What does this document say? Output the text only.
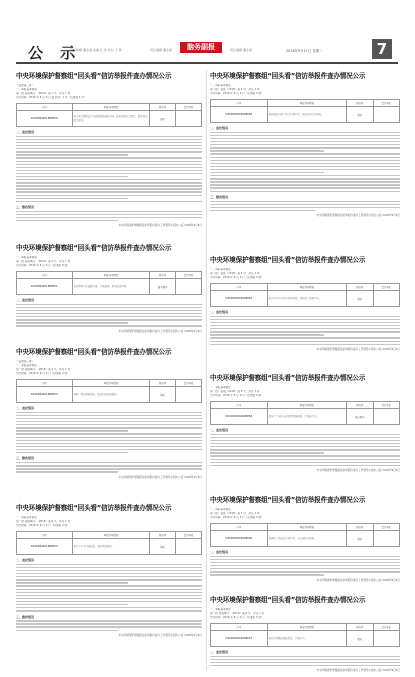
公 示
责任编辑 潘永康 美编 张 钦 校对 王 贤	责任编辑 潘永康	脑务副报	责任编辑 潘永康	2018年9月11日 星期二	7
中央环境保护督察组“回头看”信访举报件查办情况公示
（反馈第三批）
一、举报基本情况
第一批 省级单位：（2018）第 1 号，涉及 1 件
交办时间：2018 年 8 月 9 日 第 0 批：1 件（标准第 1 号）
序号	举报基本情况	督办区	责任单位
D410000201808050	某小区东侧附近企业夜间排放刺鼻气味，影响居民正常休息，要求相关部门查处。	属实	
二、查处情况
三、整改情况
中央环境保护督察组信访举报件查办工作领导小组办公室 2018年9月8日
中央环境保护督察组“回头看”信访举报件查办情况公示
一、举报基本情况
第一批：省级（2018）第 1 号，涉及 1 件
交办时间：2018 年 8 月 9 日（反馈第 0 批）
序号	举报基本情况	督办区	责任单位
D410000201808049	某村附近石料厂粉尘污染严重，周边农田受到影响。	属实	
二、查处情况
三、整改情况
中央环境保护督察组信访举报件查办工作领导小组办公室 2018年9月8日
中央环境保护督察组“回头看”信访举报件查办情况公示
一、举报基本情况
第一批 省级单位：（2018）第 2 号，涉及 1 件
交办时间：2018 年 8 月 9 日（标准第 0 批）
序号	举报基本情况	督办区	责任单位
D410000201808051	某养殖场污水直排河道，气味难闻，影响周边环境。	部分属实	
二、查处情况
中央环境保护督察组信访举报件查办工作领导小组办公室 2018年9月8日
中央环境保护督察组“回头看”信访举报件查办情况公示
一、举报基本情况
第一批：省级（2018）第 3 号，涉及 1 件
交办时间：2018 年 8 月 9 日（反馈第 0 批）
序号	举报基本情况	督办区	责任单位
D410000201808052	某企业生产过程中噪声扰民，夜间施工现象严重。	属实	
二、查处情况
中央环境保护督察组信访举报件查办工作领导小组办公室 2018年9月8日
中央环境保护督察组“回头看”信访举报件查办情况公示
（反馈第三批）
一、举报基本情况
第一批 省级单位：（2018）第 4 号，涉及 1 件
交办时间：2018 年 8 月 9 日（标准第 0 批）
序号	举报基本情况	督办区	责任单位
D410000201808053	某砖厂烟尘排放超标，周边村民反映强烈。	属实	
二、查处情况
三、整改情况
中央环境保护督察组信访举报件查办工作领导小组办公室 2018年9月8日
中央环境保护督察组“回头看”信访举报件查办情况公示
一、举报基本情况
第一批：省级（2018）第 5 号，涉及 1 件
交办时间：2018 年 8 月 9 日（反馈第 0 批）
序号	举报基本情况	督办区	责任单位
D410000201808054	某加工厂废水未经处理直接排放，污染地下水。	部分属实	
二、查处情况
中央环境保护督察组信访举报件查办工作领导小组办公室 2018年9月8日
中央环境保护督察组“回头看”信访举报件查办情况公示
一、举报基本情况
第一批 省级单位：（2018）第 6 号，涉及 1 件
交办时间：2018 年 8 月 9 日（标准第 0 批）
序号	举报基本情况	督办区	责任单位
D410000201808055	某化工企业异味扰民，要求彻底整改。	属实	
二、查处情况
三、整改情况
中央环境保护督察组信访举报件查办工作领导小组办公室 2018年9月8日
中央环境保护督察组“回头看”信访举报件查办情况公示
一、举报基本情况
第一批：省级（2018）第 7 号，涉及 1 件
交办时间：2018 年 8 月 9 日（反馈第 0 批）
序号	举报基本情况	督办区	责任单位
D410000201808056	某建筑工地扬尘污染严重，未采取防尘措施。	属实	
二、查处情况
中央环境保护督察组信访举报件查办工作领导小组办公室 2018年9月8日
中央环境保护督察组“回头看”信访举报件查办情况公示
一、举报基本情况
第一批 省级单位：（2018）第 8 号，涉及 1 件
交办时间：2018 年 8 月 9 日（标准第 0 批）
序号	举报基本情况	督办区	责任单位
D410000201808057	某村垃圾随意堆放焚烧，污染空气。	属实	
二、查处情况
中央环境保护督察组信访举报件查办工作领导小组办公室 2018年9月8日
